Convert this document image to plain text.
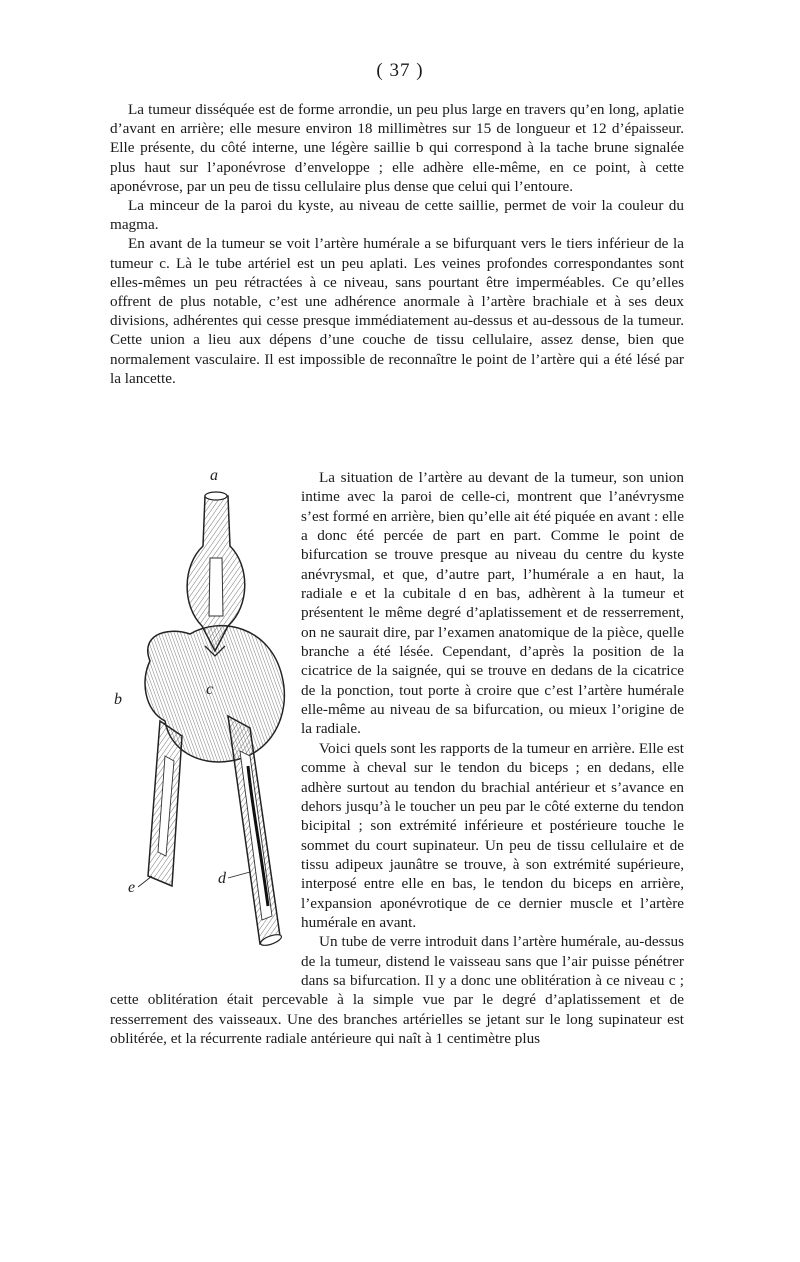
( 37 )

La tumeur disséquée est de forme arrondie, un peu plus large en travers qu’en long, aplatie d’avant en arrière; elle mesure environ 18 millimètres sur 15 de longueur et 12 d’épaisseur. Elle présente, du côté interne, une légère saillie b qui correspond à la tache brune signalée plus haut sur l’aponévrose d’enveloppe ; elle adhère elle-même, en ce point, à cette aponévrose, par un peu de tissu cellulaire plus dense que celui qui l’entoure.

La minceur de la paroi du kyste, au niveau de cette saillie, permet de voir la couleur du magma.

En avant de la tumeur se voit l’artère humérale a se bifurquant vers le tiers inférieur de la tumeur c. Là le tube artériel est un peu aplati. Les veines profondes correspondantes sont elles-mêmes un peu rétractées à ce niveau, sans pourtant être imperméables. Ce qu’elles offrent de plus notable, c’est une adhérence anormale à l’artère brachiale et à ses deux divisions, adhérentes qui cesse presque immédiatement au-dessus et au-dessous de la tumeur. Cette union a lieu aux dépens d’une couche de tissu cellulaire, assez dense, bien que normalement vasculaire. Il est impossible de reconnaître le point de l’artère qui a été lésé par la lancette.

a
b
c
d
e

La situation de l’artère au devant de la tumeur, son union intime avec la paroi de celle-ci, montrent que l’anévrysme s’est formé en arrière, bien qu’elle ait été piquée en avant : elle a donc été percée de part en part. Comme le point de bifurcation se trouve presque au niveau du centre du kyste anévrysmal, et que, d’autre part, l’humérale a en haut, la radiale e et la cubitale d en bas, adhèrent à la tumeur et présentent le même degré d’aplatissement et de resserrement, on ne saurait dire, par l’examen anatomique de la pièce, quelle branche a été lésée. Cependant, d’après la position de la cicatrice de la saignée, qui se trouve en dedans de la cicatrice de la ponction, tout porte à croire que c’est l’artère humérale elle-même au niveau de sa bifurcation, ou mieux l’origine de la radiale.

Voici quels sont les rapports de la tumeur en arrière. Elle est comme à cheval sur le tendon du biceps ; en dedans, elle adhère surtout au tendon du brachial antérieur et s’avance en dehors jusqu’à le toucher un peu par le côté externe du tendon bicipital ; son extrémité inférieure et postérieure touche le sommet du court supinateur. Un peu de tissu cellulaire et de tissu adipeux jaunâtre se trouve, à son extrémité supérieure, interposé entre elle en bas, le tendon du biceps en arrière, l’expansion aponévrotique de ce dernier muscle et l’artère humérale en avant.

Un tube de verre introduit dans l’artère humérale, au-dessus de la tumeur, distend le vaisseau sans que l’air puisse pénétrer dans sa bifurcation. Il y a donc une oblitération à ce niveau c ; cette oblitération était percevable à la simple vue par le degré d’aplatissement et de resserrement des vaisseaux. Une des branches artérielles se jetant sur le long supinateur est oblitérée, et la récurrente radiale antérieure qui naît à 1 centimètre plus
